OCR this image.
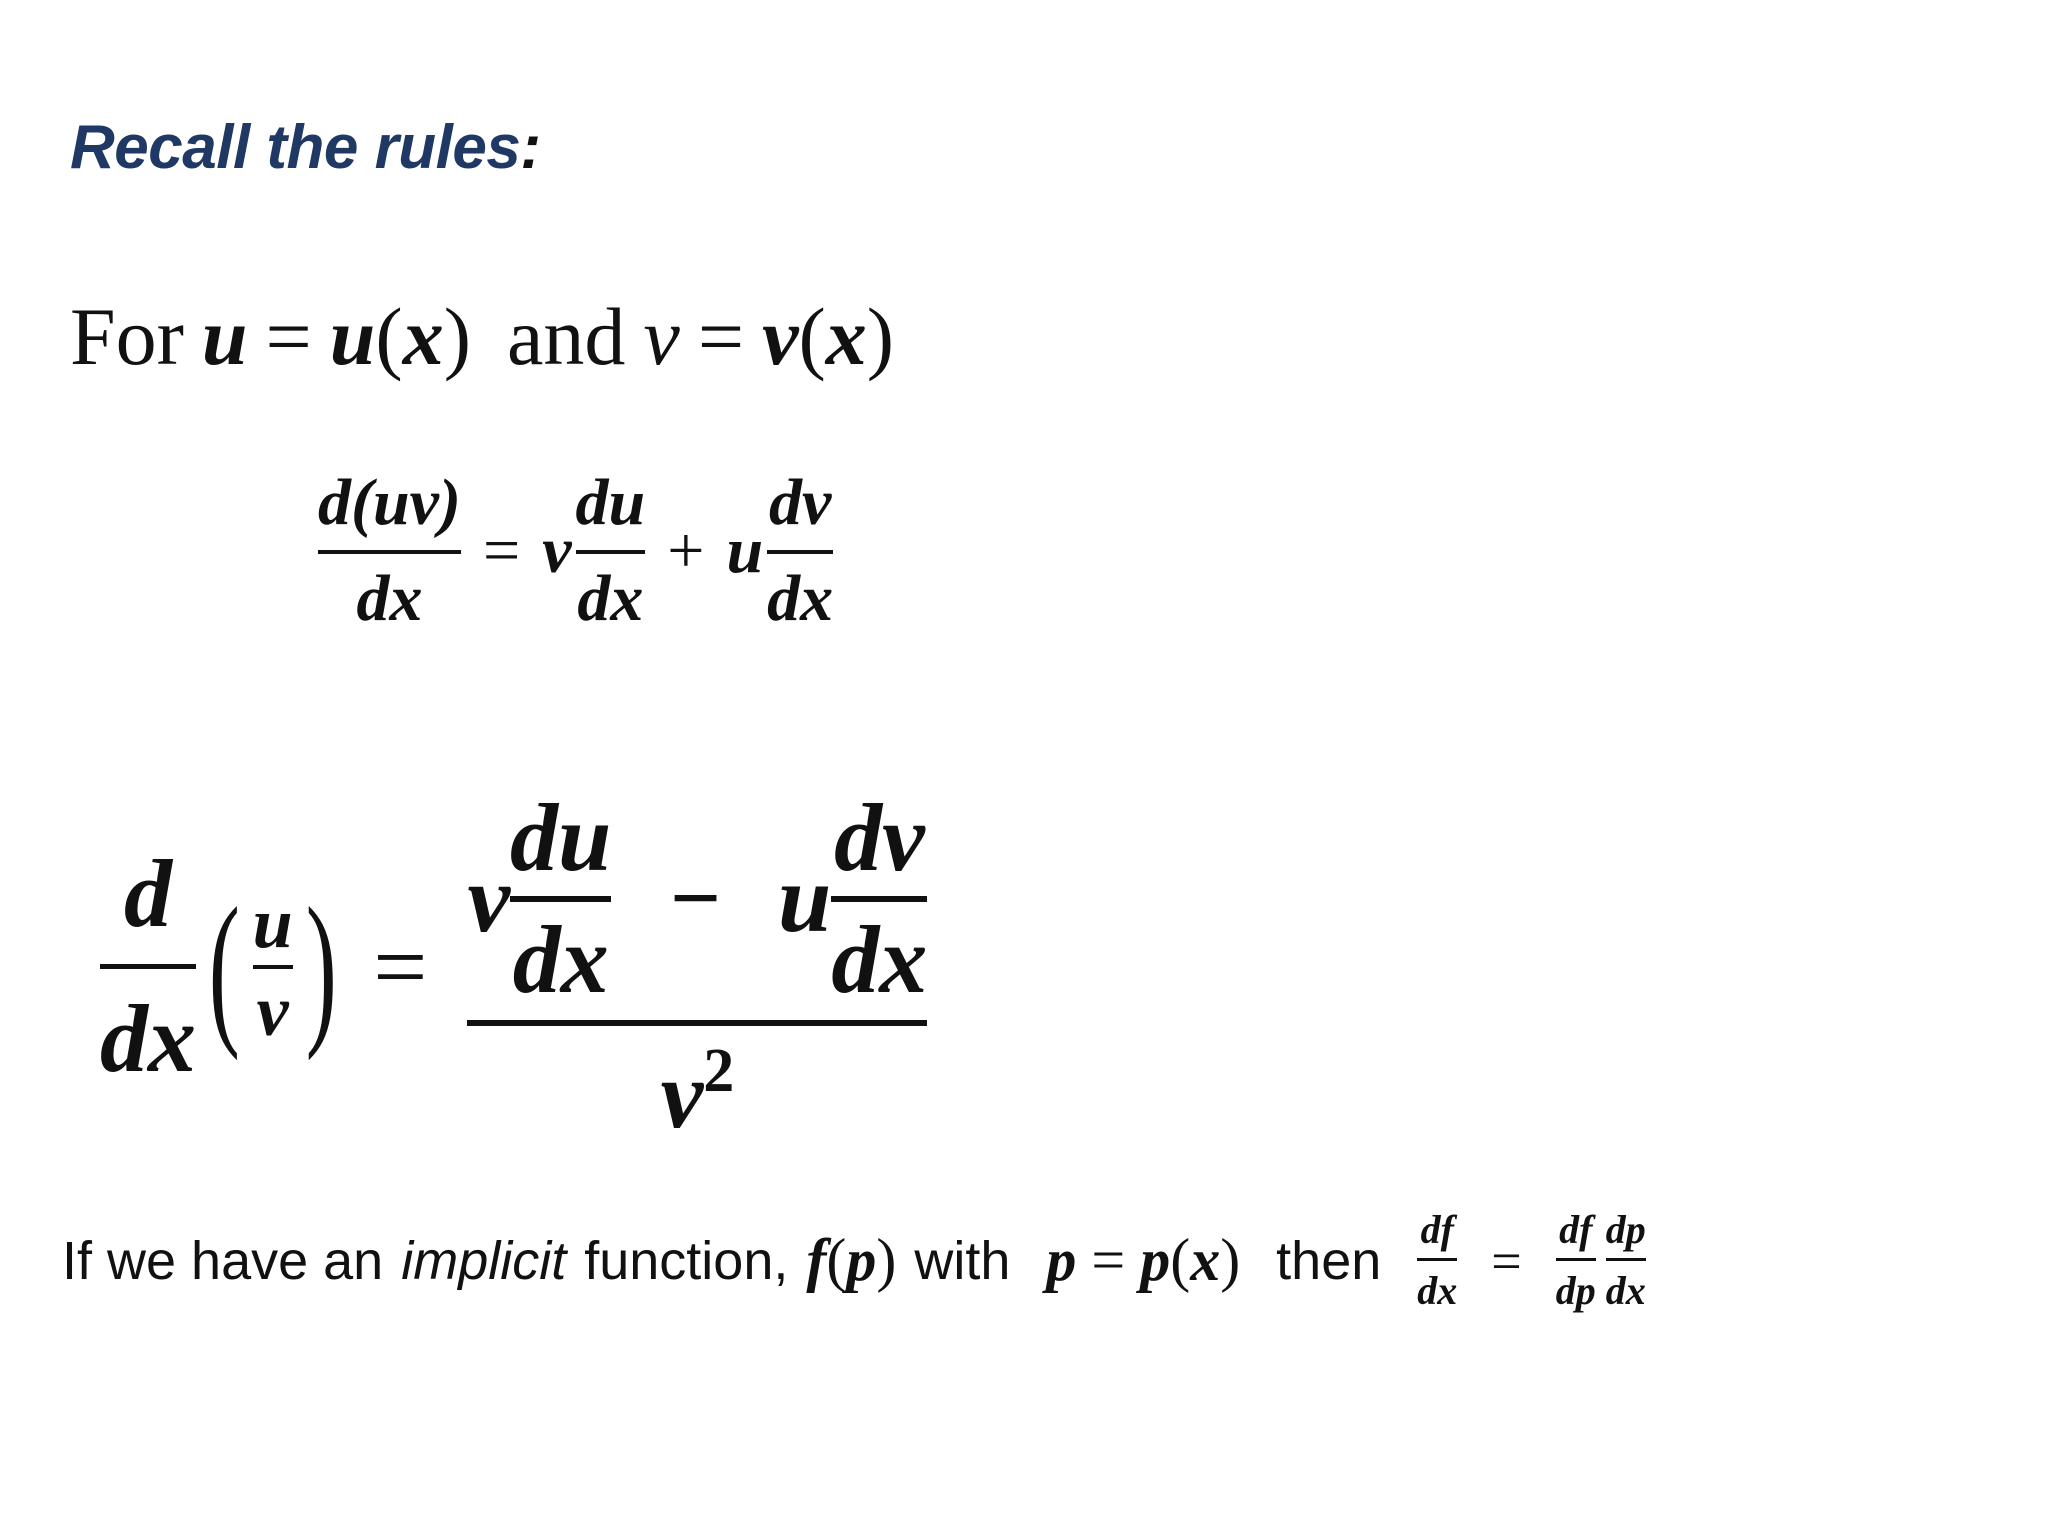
Recall the rules:
For u = u(x) and v = v(x)
$\frac{d(uv)}{dx} = v \frac{du}{dx} + u \frac{dv}{dx}$
d
dx ( $\frac{u}{v}$ ) =
v
du
dx
− u
dv
dx
$v^2$
If we have an implicit function, f(p) with p = p(x) then $\frac{df}{dx} = \frac{df}{dp} \frac{dp}{dx}$
